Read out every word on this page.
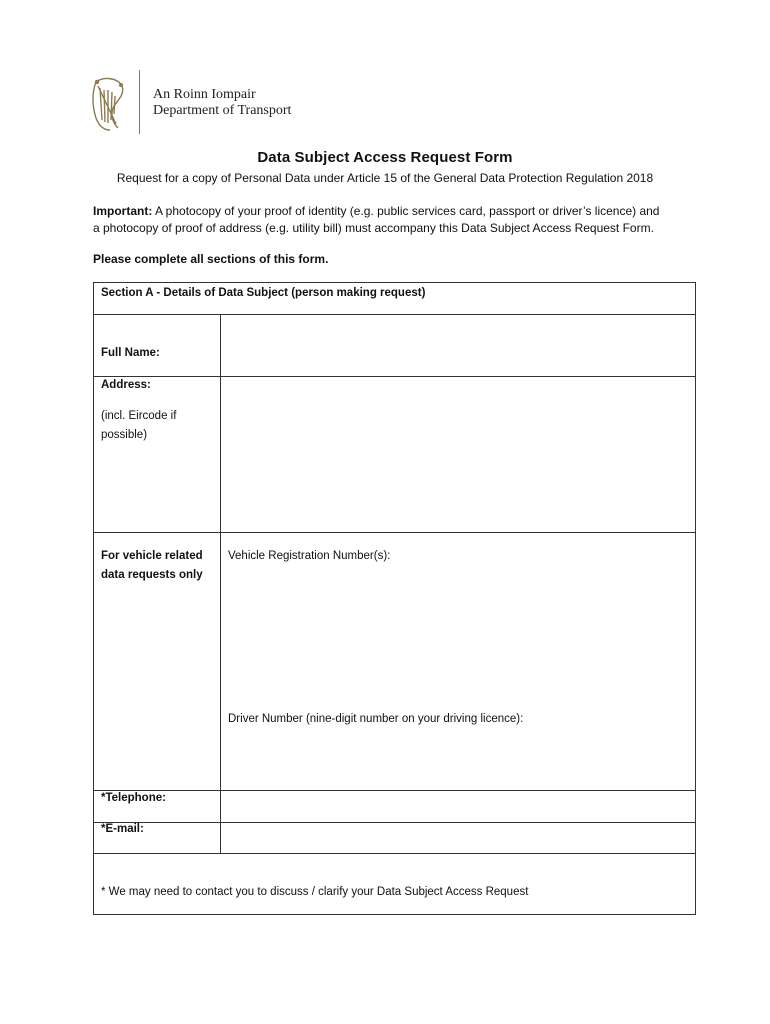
An Roinn Iompair
Department of Transport
Data Subject Access Request Form
Request for a copy of Personal Data under Article 15 of the General Data Protection Regulation 2018
Important: A photocopy of your proof of identity (e.g. public services card, passport or driver’s licence) and a photocopy of proof of address (e.g. utility bill) must accompany this Data Subject Access Request Form.
Please complete all sections of this form.
Section A - Details of Data Subject (person making request)
Full Name:
Address:
(incl. Eircode if possible)
For vehicle related data requests only
Vehicle Registration Number(s):
Driver Number (nine-digit number on your driving licence):
*Telephone:
*E-mail:
* We may need to contact you to discuss / clarify your Data Subject Access Request
